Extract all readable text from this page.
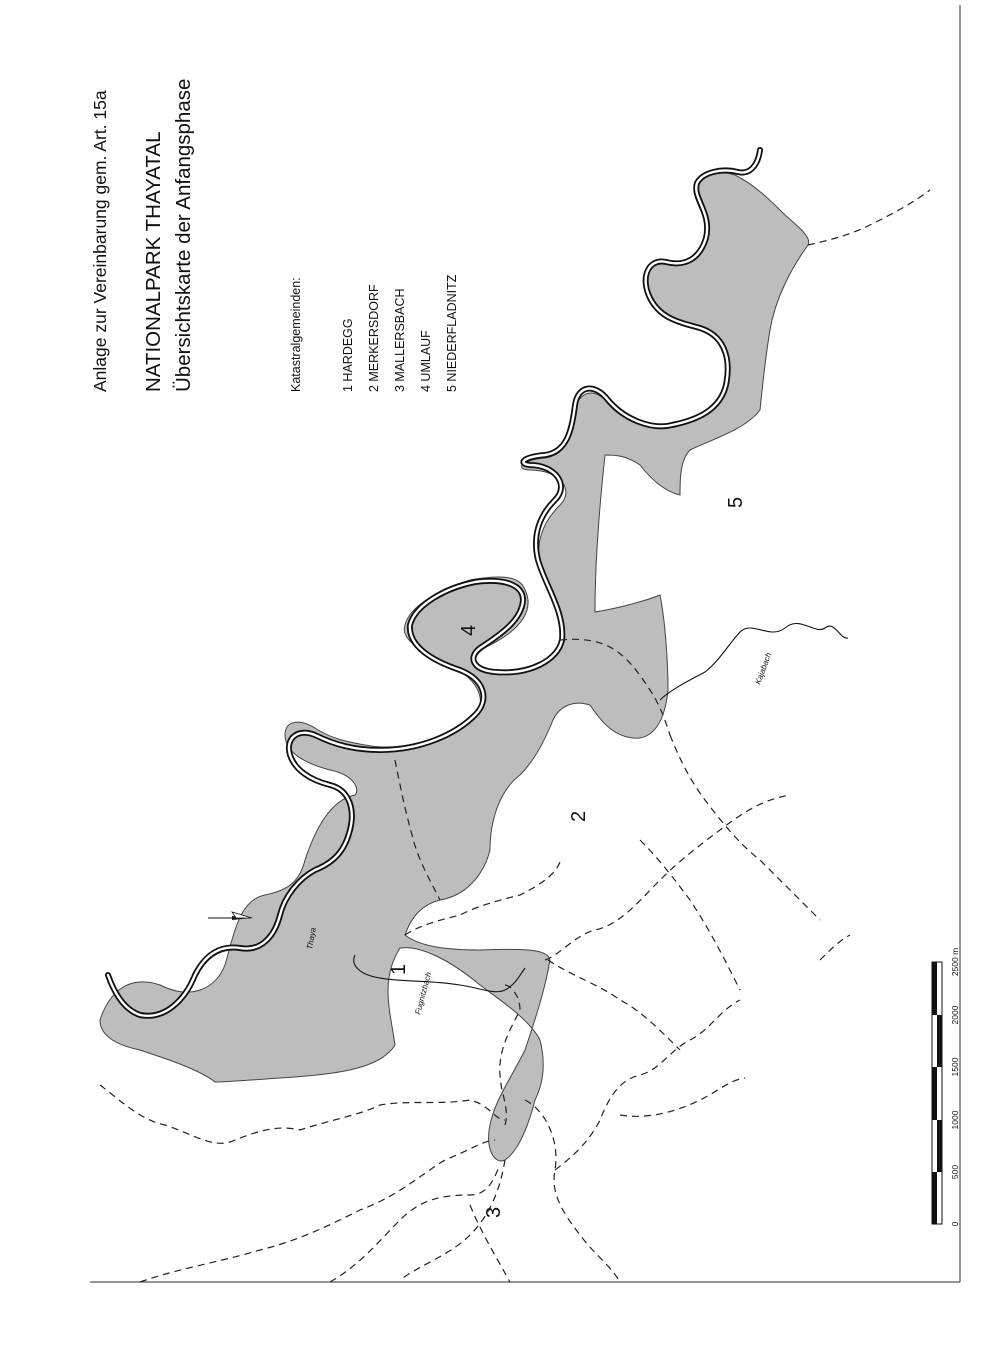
Anlage zur Vereinbarung gem. Art. 15a NATIONALPARK THAYATAL Übersichtskarte der Anfangsphase	Katastralgemeinden:	1 HARDEGG 2 MERKERSDORF 3 MALLERSBACH 4 UMLAUF 5 NIEDERFLADNITZ
1
2
3
4
5
Thaya
Fugnitzbach
Kajabach
0
500
1000
1500
2000
2500 m
